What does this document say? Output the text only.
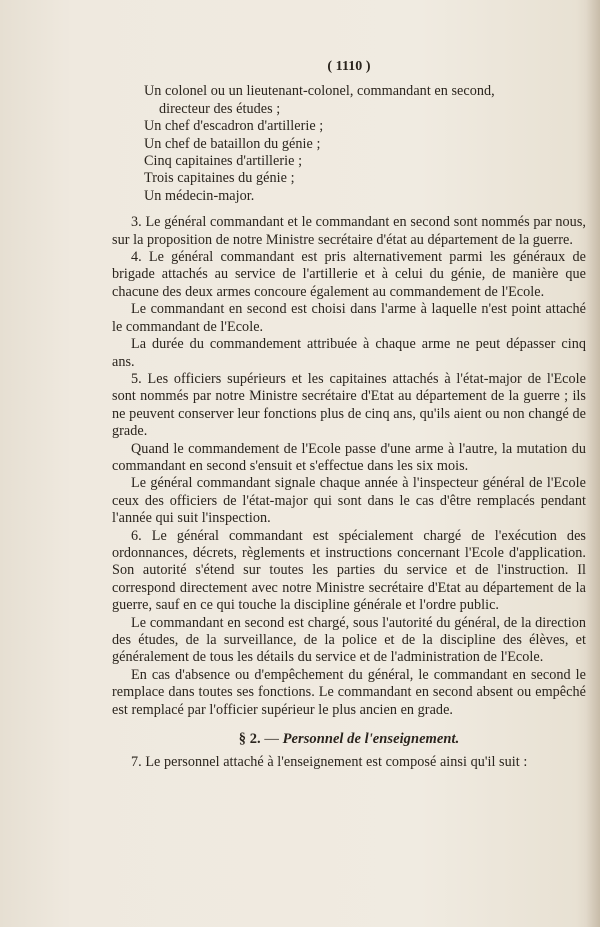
( 1110 )

Un colonel ou un lieutenant-colonel, commandant en second,

directeur des études ;

Un chef d'escadron d'artillerie ;

Un chef de bataillon du génie ;

Cinq capitaines d'artillerie ;

Trois capitaines du génie ;

Un médecin-major.

3. Le général commandant et le commandant en second sont nommés par nous, sur la proposition de notre Ministre secrétaire d'état au département de la guerre.

4. Le général commandant est pris alternativement parmi les généraux de brigade attachés au service de l'artillerie et à celui du génie, de manière que chacune des deux armes concoure également au commandement de l'Ecole.

Le commandant en second est choisi dans l'arme à laquelle n'est point attaché le commandant de l'Ecole.

La durée du commandement attribuée à chaque arme ne peut dépasser cinq ans.

5. Les officiers supérieurs et les capitaines attachés à l'état-major de l'Ecole sont nommés par notre Ministre secrétaire d'Etat au département de la guerre ; ils ne peuvent conserver leur fonctions plus de cinq ans, qu'ils aient ou non changé de grade.

Quand le commandement de l'Ecole passe d'une arme à l'autre, la mutation du commandant en second s'ensuit et s'effectue dans les six mois.

Le général commandant signale chaque année à l'inspecteur général de l'Ecole ceux des officiers de l'état-major qui sont dans le cas d'être remplacés pendant l'année qui suit l'inspection.

6. Le général commandant est spécialement chargé de l'exécution des ordonnances, décrets, règlements et instructions concernant l'Ecole d'application. Son autorité s'étend sur toutes les parties du service et de l'instruction. Il correspond directement avec notre Ministre secrétaire d'Etat au département de la guerre, sauf en ce qui touche la discipline générale et l'ordre public.

Le commandant en second est chargé, sous l'autorité du général, de la direction des études, de la surveillance, de la police et de la discipline des élèves, et généralement de tous les détails du service et de l'administration de l'Ecole.

En cas d'absence ou d'empêchement du général, le commandant en second le remplace dans toutes ses fonctions. Le commandant en second absent ou empêché est remplacé par l'officier supérieur le plus ancien en grade.

§ 2. — Personnel de l'enseignement.

7. Le personnel attaché à l'enseignement est composé ainsi qu'il suit :
